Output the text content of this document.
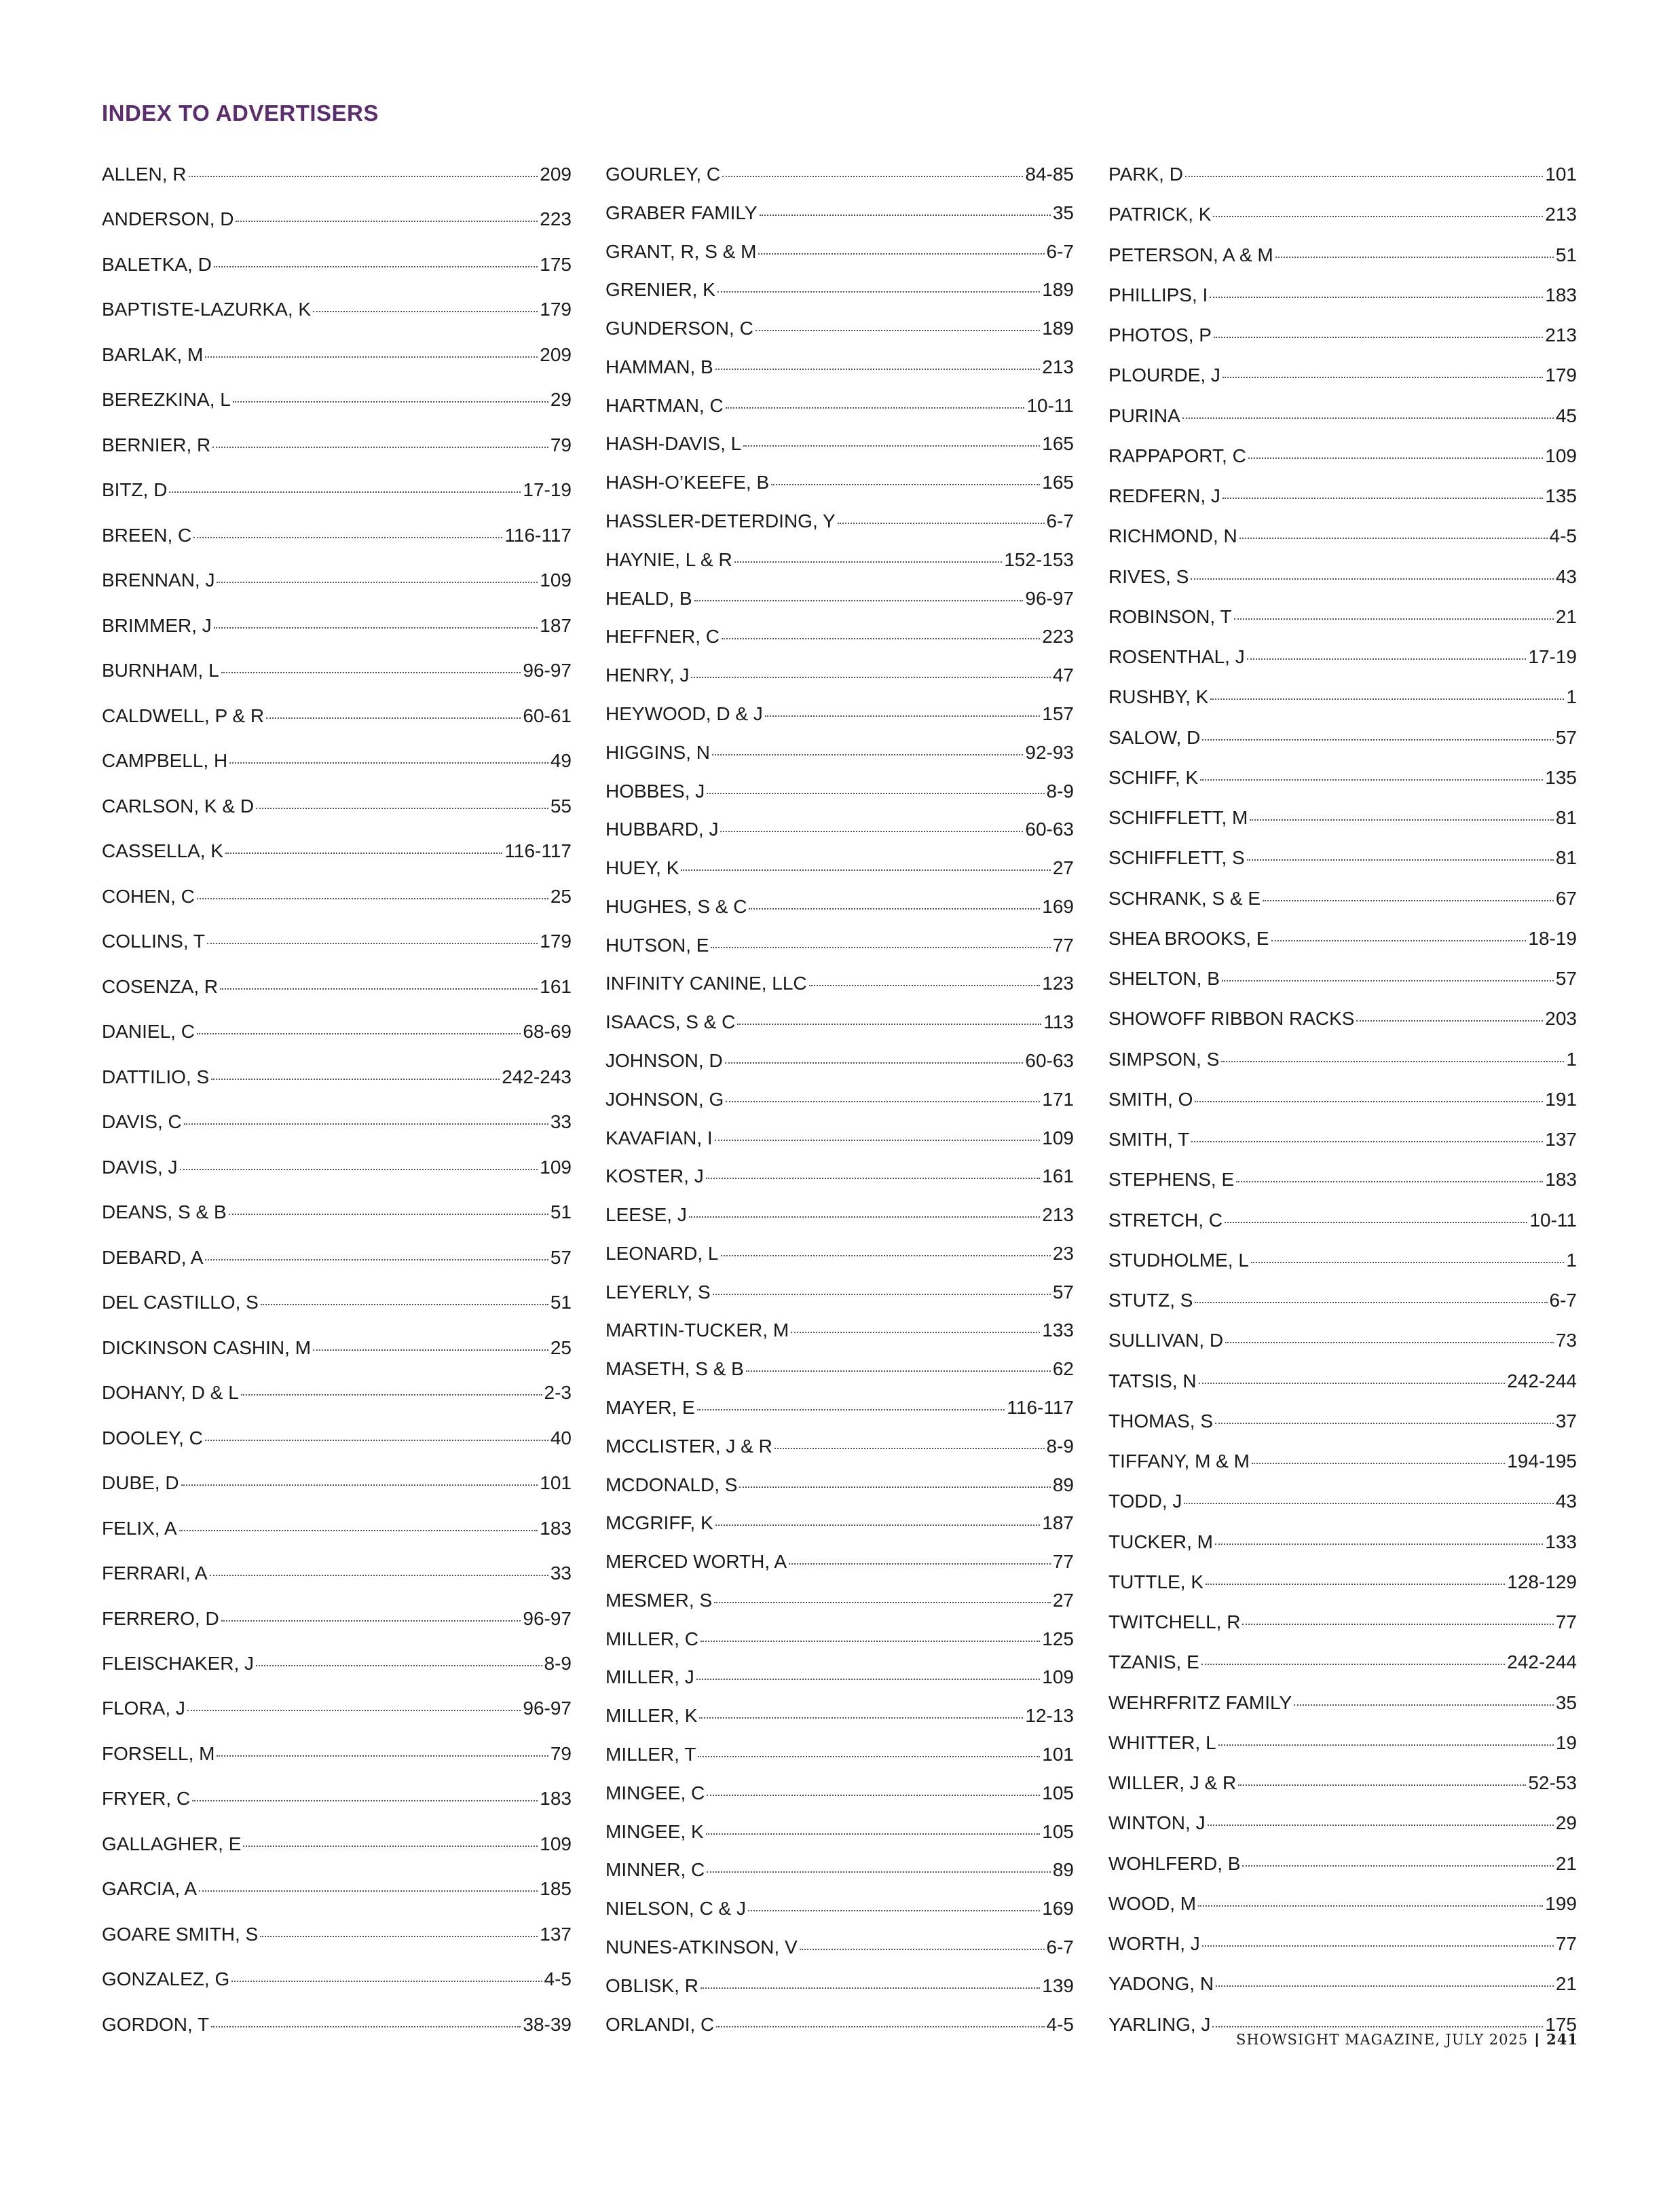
INDEX TO ADVERTISERS
ALLEN, R	209
ANDERSON, D	223
BALETKA, D	175
BAPTISTE-LAZURKA, K	179
BARLAK, M	209
BEREZKINA, L	29
BERNIER, R	79
BITZ, D	17-19
BREEN, C	116-117
BRENNAN, J	109
BRIMMER, J	187
BURNHAM, L	96-97
CALDWELL, P & R	60-61
CAMPBELL, H	49
CARLSON, K & D	55
CASSELLA, K	116-117
COHEN, C	25
COLLINS, T	179
COSENZA, R	161
DANIEL, C	68-69
DATTILIO, S	242-243
DAVIS, C	33
DAVIS, J	109
DEANS, S & B	51
DEBARD, A	57
DEL CASTILLO, S	51
DICKINSON CASHIN, M	25
DOHANY, D & L	2-3
DOOLEY, C	40
DUBE, D	101
FELIX, A	183
FERRARI, A	33
FERRERO, D	96-97
FLEISCHAKER, J	8-9
FLORA, J	96-97
FORSELL, M	79
FRYER, C	183
GALLAGHER, E	109
GARCIA, A	185
GOARE SMITH, S	137
GONZALEZ, G	4-5
GORDON, T	38-39
GOURLEY, C	84-85
GRABER FAMILY	35
GRANT, R, S & M	6-7
GRENIER, K	189
GUNDERSON, C	189
HAMMAN, B	213
HARTMAN, C	10-11
HASH-DAVIS, L	165
HASH-O’KEEFE, B	165
HASSLER-DETERDING, Y	6-7
HAYNIE, L & R	152-153
HEALD, B	96-97
HEFFNER, C	223
HENRY, J	47
HEYWOOD, D & J	157
HIGGINS, N	92-93
HOBBES, J	8-9
HUBBARD, J	60-63
HUEY, K	27
HUGHES, S & C	169
HUTSON, E	77
INFINITY CANINE, LLC	123
ISAACS, S & C	113
JOHNSON, D	60-63
JOHNSON, G	171
KAVAFIAN, I	109
KOSTER, J	161
LEESE, J	213
LEONARD, L	23
LEYERLY, S	57
MARTIN-TUCKER, M	133
MASETH, S & B	62
MAYER, E	116-117
MCCLISTER, J & R	8-9
MCDONALD, S	89
MCGRIFF, K	187
MERCED WORTH, A	77
MESMER, S	27
MILLER, C	125
MILLER, J	109
MILLER, K	12-13
MILLER, T	101
MINGEE, C	105
MINGEE, K	105
MINNER, C	89
NIELSON, C & J	169
NUNES-ATKINSON, V	6-7
OBLISK, R	139
ORLANDI, C	4-5
PARK, D	101
PATRICK, K	213
PETERSON, A & M	51
PHILLIPS, I	183
PHOTOS, P	213
PLOURDE, J	179
PURINA	45
RAPPAPORT, C	109
REDFERN, J	135
RICHMOND, N	4-5
RIVES, S	43
ROBINSON, T	21
ROSENTHAL, J	17-19
RUSHBY, K	1
SALOW, D	57
SCHIFF, K	135
SCHIFFLETT, M	81
SCHIFFLETT, S	81
SCHRANK, S & E	67
SHEA BROOKS, E	18-19
SHELTON, B	57
SHOWOFF RIBBON RACKS	203
SIMPSON, S	1
SMITH, O	191
SMITH, T	137
STEPHENS, E	183
STRETCH, C	10-11
STUDHOLME, L	1
STUTZ, S	6-7
SULLIVAN, D	73
TATSIS, N	242-244
THOMAS, S	37
TIFFANY, M & M	194-195
TODD, J	43
TUCKER, M	133
TUTTLE, K	128-129
TWITCHELL, R	77
TZANIS, E	242-244
WEHRFRITZ FAMILY	35
WHITTER, L	19
WILLER, J & R	52-53
WINTON, J	29
WOHLFERD, B	21
WOOD, M	199
WORTH, J	77
YADONG, N	21
YARLING, J	175
SHOWSIGHT MAGAZINE, JULY 2025 | 241
